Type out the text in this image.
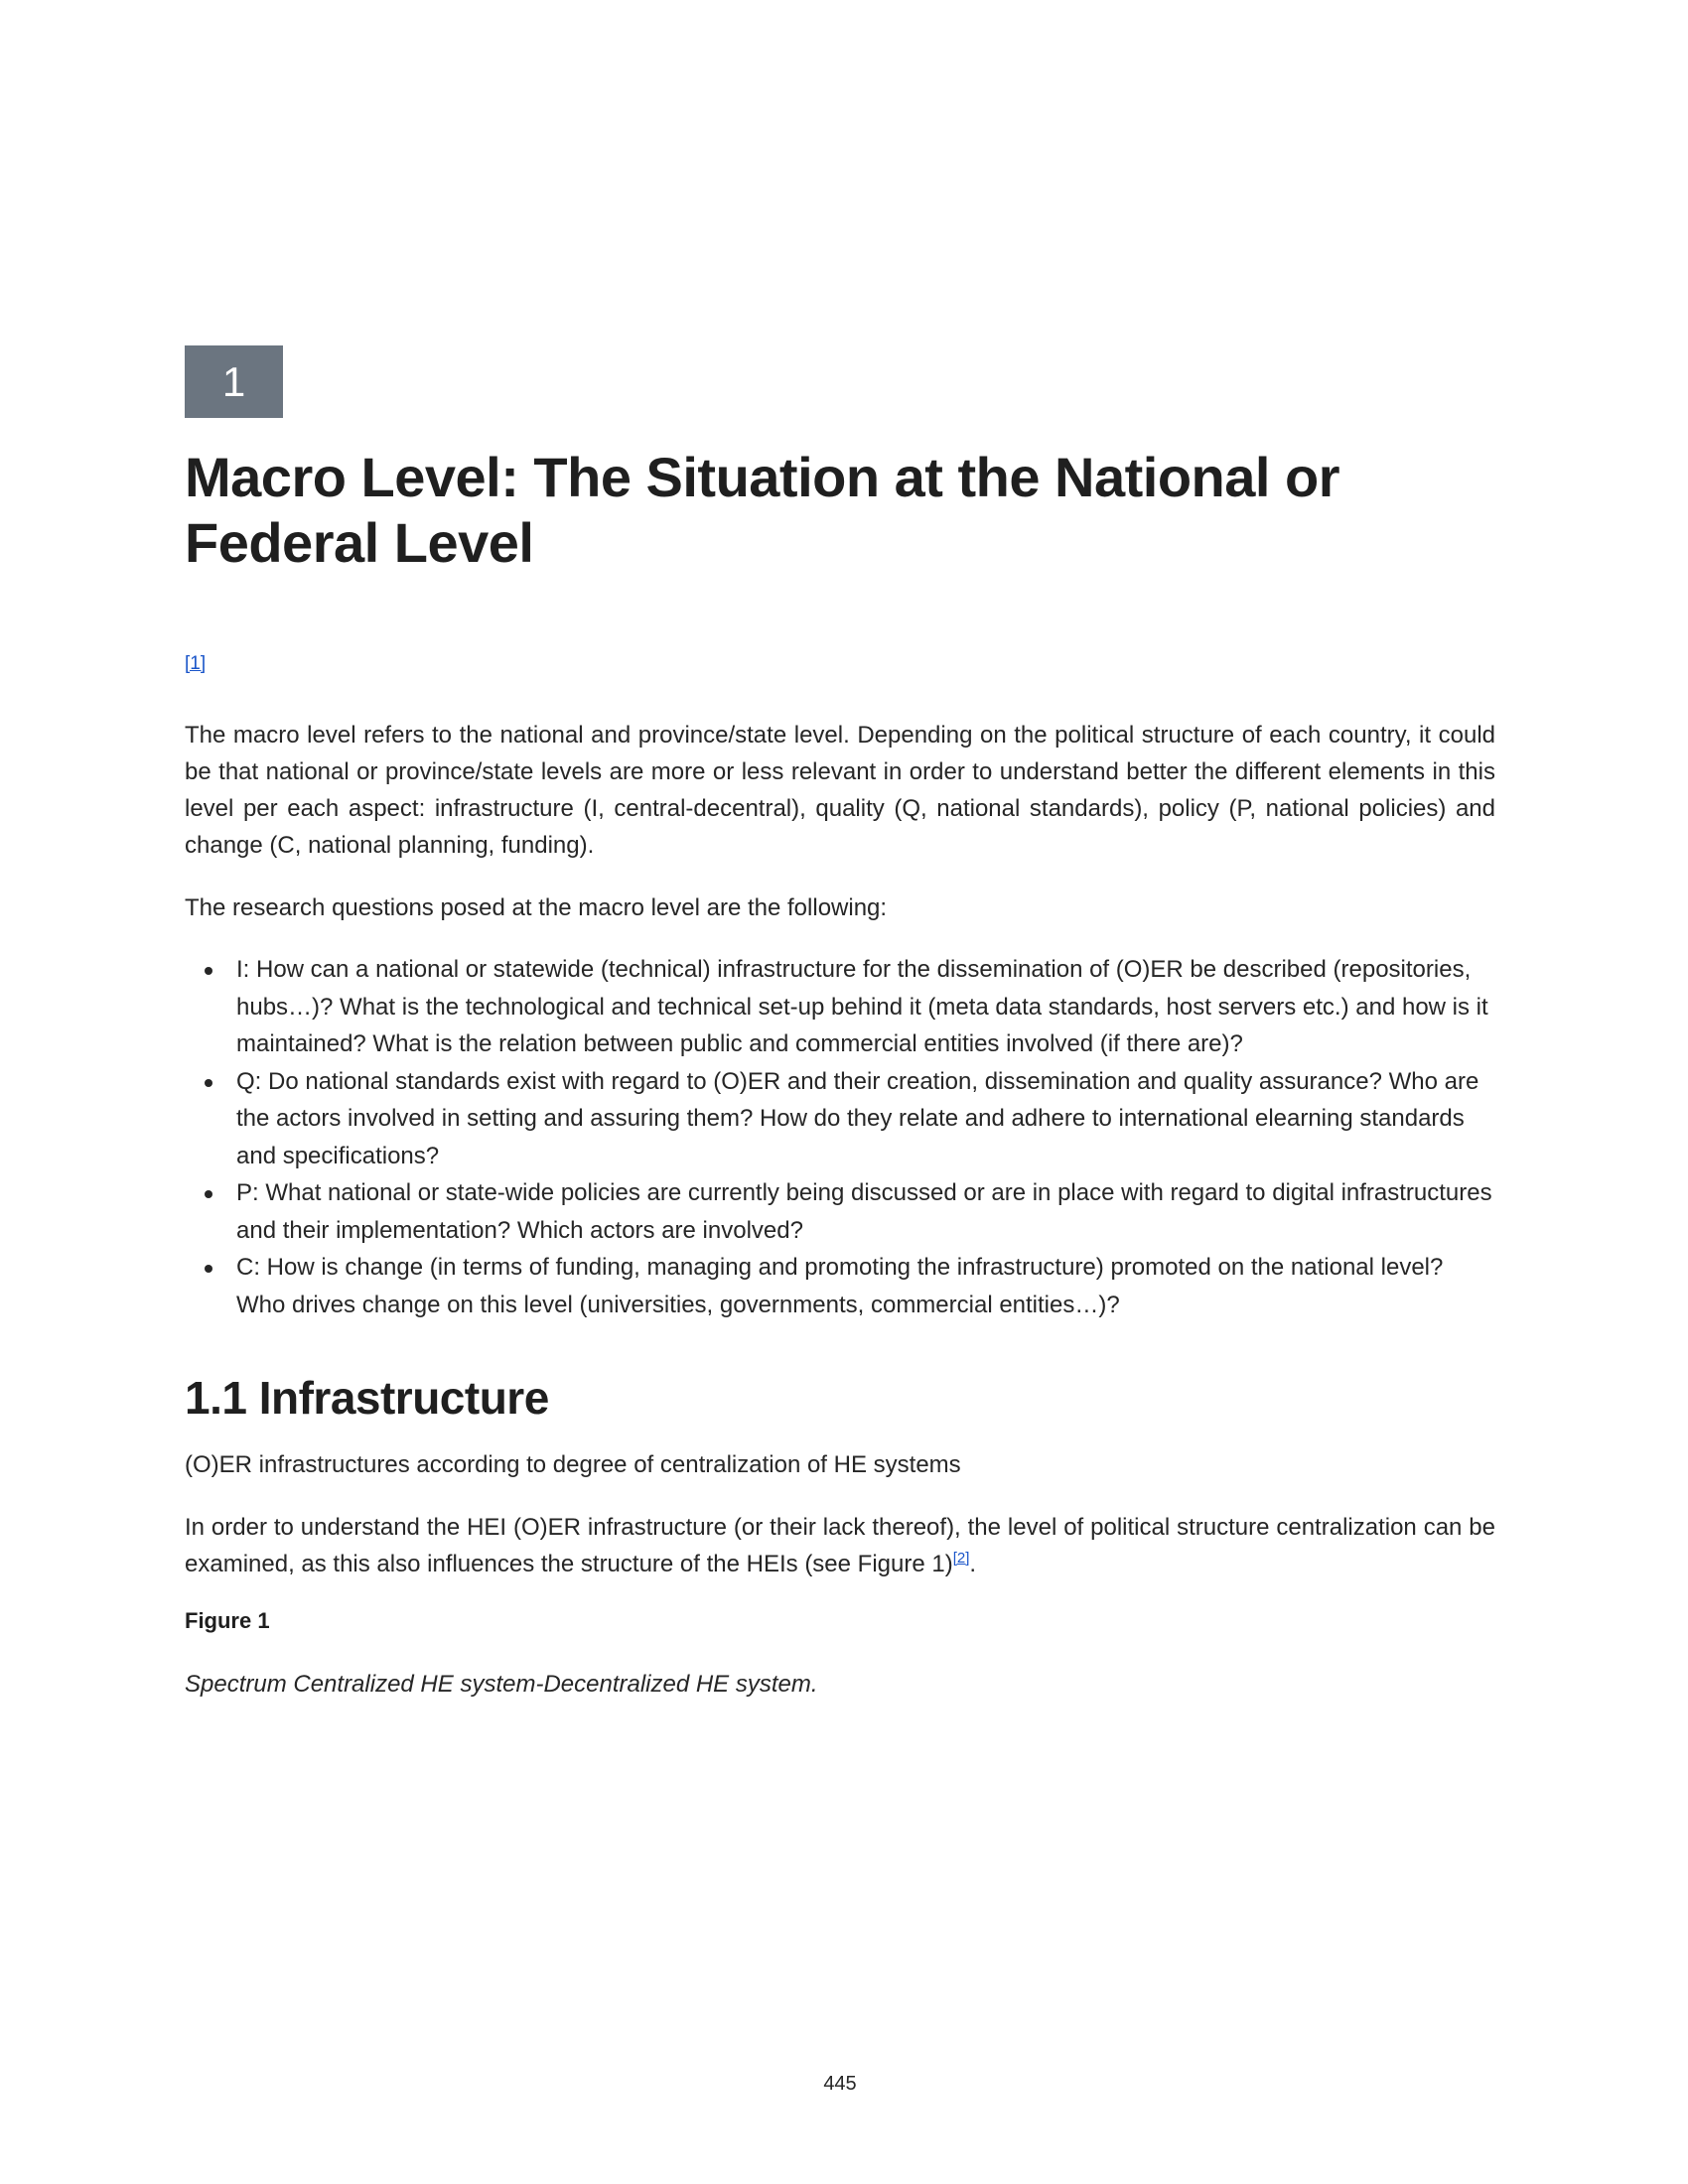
1
Macro Level: The Situation at the National or Federal Level
[1]

The macro level refers to the national and province/state level. Depending on the political structure of each country, it could be that national or province/state levels are more or less relevant in order to understand better the different elements in this level per each aspect: infrastructure (I, central-decentral), quality (Q, national standards), policy (P, national policies) and change (C, national planning, funding).

The research questions posed at the macro level are the following:

I: How can a national or statewide (technical) infrastructure for the dissemination of (O)ER be described (repositories, hubs…)? What is the technological and technical set-up behind it (meta data standards, host servers etc.) and how is it maintained? What is the relation between public and commercial entities involved (if there are)?
Q: Do national standards exist with regard to (O)ER and their creation, dissemination and quality assurance? Who are the actors involved in setting and assuring them? How do they relate and adhere to international elearning standards and specifications?
P: What national or state-wide policies are currently being discussed or are in place with regard to digital infrastructures and their implementation? Which actors are involved?
C: How is change (in terms of funding, managing and promoting the infrastructure) promoted on the national level? Who drives change on this level (universities, governments, commercial entities…)?
1.1 Infrastructure

(O)ER infrastructures according to degree of centralization of HE systems

In order to understand the HEI (O)ER infrastructure (or their lack thereof), the level of political structure centralization can be examined, as this also influences the structure of the HEIs (see Figure 1)[2].

Figure 1

Spectrum Centralized HE system-Decentralized HE system.

445
